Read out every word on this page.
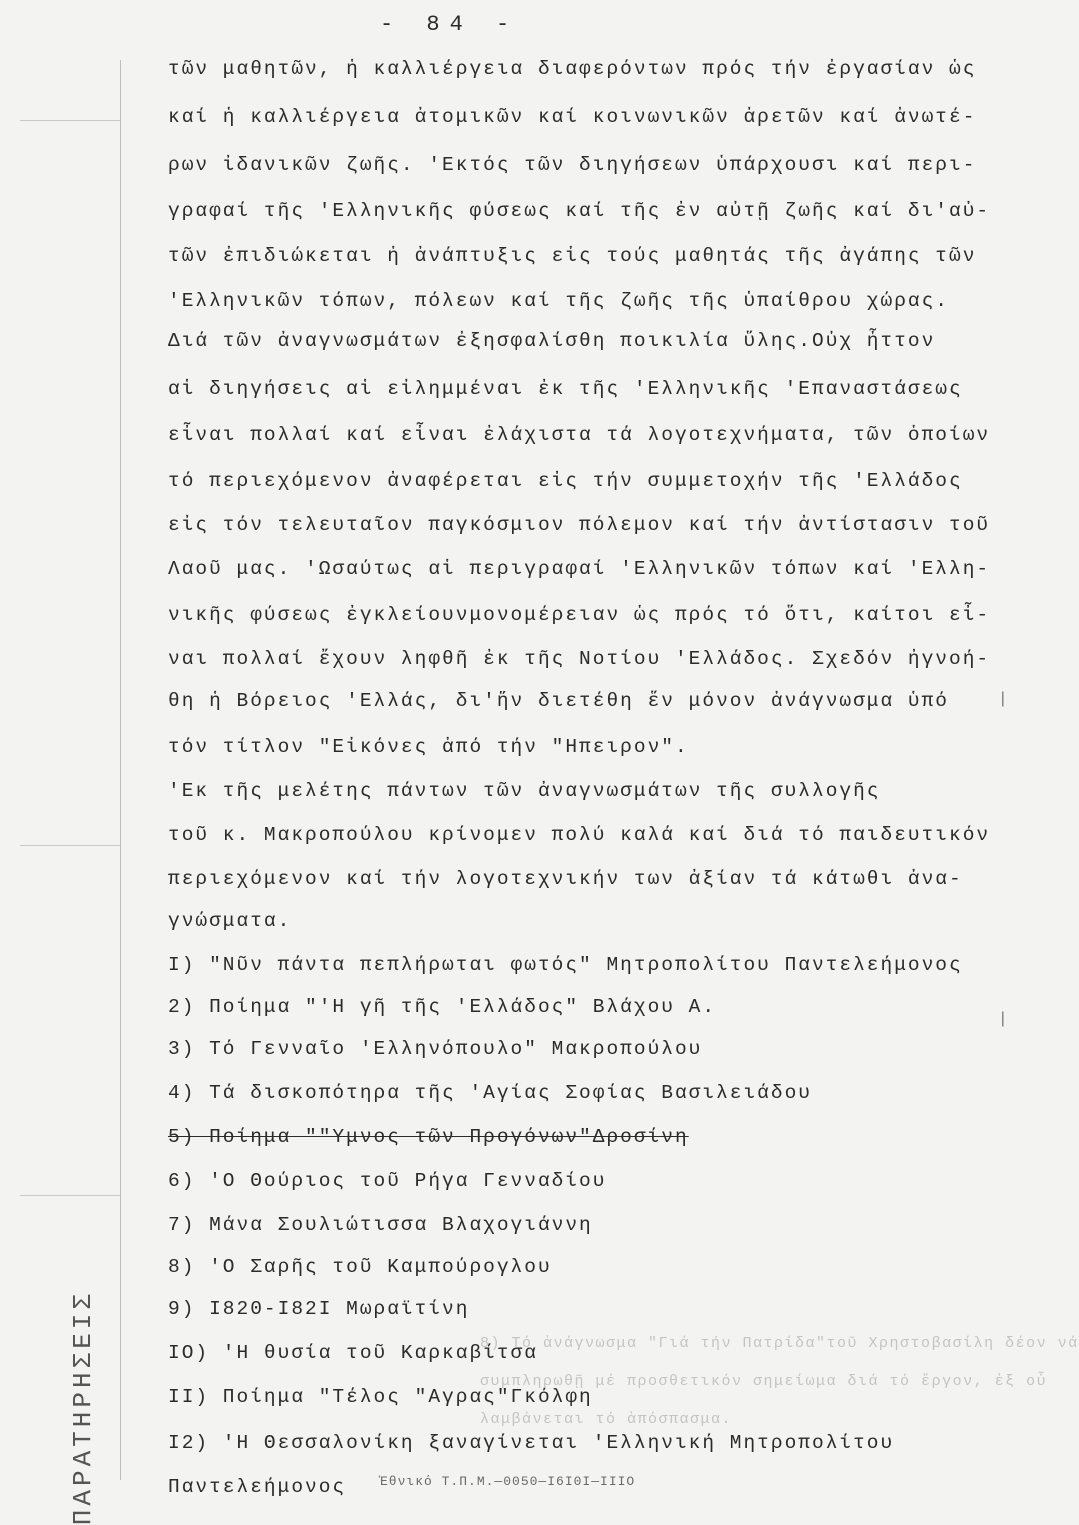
- 84 -
ΠΑΡΑΤΗΡΗΣΕΙΣ
τῶν μαθητῶν, ἡ καλλιέργεια διαφερόντων πρός τήν ἐργασίαν ὡς
καί ἡ καλλιέργεια ἀτομικῶν καί κοινωνικῶν ἀρετῶν καί ἀνωτέ-
ρων ἰδανικῶν ζωῆς. 'Εκτός τῶν διηγήσεων ὑπάρχουσι καί περι-
γραφαί τῆς 'Ελληνικῆς φύσεως καί τῆς ἐν αὐτῇ ζωῆς καί δι'αὐ-
τῶν ἐπιδιώκεται ἡ ἀνάπτυξις εἰς τούς μαθητάς τῆς ἀγάπης τῶν
'Ελληνικῶν τόπων, πόλεων καί τῆς ζωῆς τῆς ὑπαίθρου χώρας.
Διά τῶν ἀναγνωσμάτων ἐξησφαλίσθη ποικιλία ὕλης.Οὐχ ἧττον
αἱ διηγήσεις αἱ εἰλημμέναι ἐκ τῆς 'Ελληνικῆς 'Επαναστάσεως
εἶναι πολλαί καί εἶναι ἐλάχιστα τά λογοτεχνήματα, τῶν ὁποίων
τό περιεχόμενον ἀναφέρεται εἰς τήν συμμετοχήν τῆς 'Ελλάδος
εἰς τόν τελευταῖον παγκόσμιον πόλεμον καί τήν ἀντίστασιν τοῦ
Λαοῦ μας. 'Ωσαύτως αἱ περιγραφαί 'Ελληνικῶν τόπων καί 'Ελλη-
νικῆς φύσεως ἐγκλείουνμονομέρειαν ὡς πρός τό ὅτι, καίτοι εἶ-
ναι πολλαί ἔχουν ληφθῆ ἐκ τῆς Νοτίου 'Ελλάδος. Σχεδόν ἠγνοή-
θη ἡ Βόρειος 'Ελλάς, δι'ἥν διετέθη ἕν μόνον ἀνάγνωσμα ὑπό
τόν τίτλον "Εἰκόνες ἀπό τήν "Ηπειρον".
'Εκ τῆς μελέτης πάντων τῶν ἀναγνωσμάτων τῆς συλλογῆς
τοῦ κ. Μακροπούλου κρίνομεν πολύ καλά καί διά τό παιδευτικόν
περιεχόμενον καί τήν λογοτεχνικήν των ἀξίαν τά κάτωθι ἀνα-
γνώσματα.
I) "Νῦν πάντα πεπλήρωται φωτός" Μητροπολίτου Παντελεήμονος
2) Ποίημα "'Η γῆ τῆς 'Ελλάδος" Βλάχου Α.
3) Τό Γενναῖο 'Ελληνόπουλο" Μακροπούλου
4) Τά δισκοπότηρα τῆς 'Αγίας Σοφίας Βασιλειάδου
5) Ποίημα ""Υμνος τῶν Προγόνων"Δροσίνη
6) 'Ο Θούριος τοῦ Ρήγα Γενναδίου
7) Μάνα Σουλιώτισσα Βλαχογιάννη
8) 'Ο Σαρῆς τοῦ Καμπούρογλου
9) I820-I82I Μωραϊτίνη
IO) 'Η θυσία τοῦ Καρκαβίτσα
II) Ποίημα "Τέλος "Αγρας"Γκόλφη
I2) 'Η Θεσσαλονίκη ξαναγίνεται 'Ελληνική Μητροπολίτου
Παντελεήμονος
8) Τό ἀνάγνωσμα "Γιά τήν Πατρίδα"τοῦ Χρηστοβασίλη δέον νά
συμπληρωθῇ μέ προσθετικόν σημείωμα διά τό ἔργον, ἐξ οὗ
λαμβάνεται τό ἀπόσπασμα.
Ἐθνικό Τ.Π.Μ.—0050—Ι6Ι0Ι—ΙΙΙΟ
|
|
